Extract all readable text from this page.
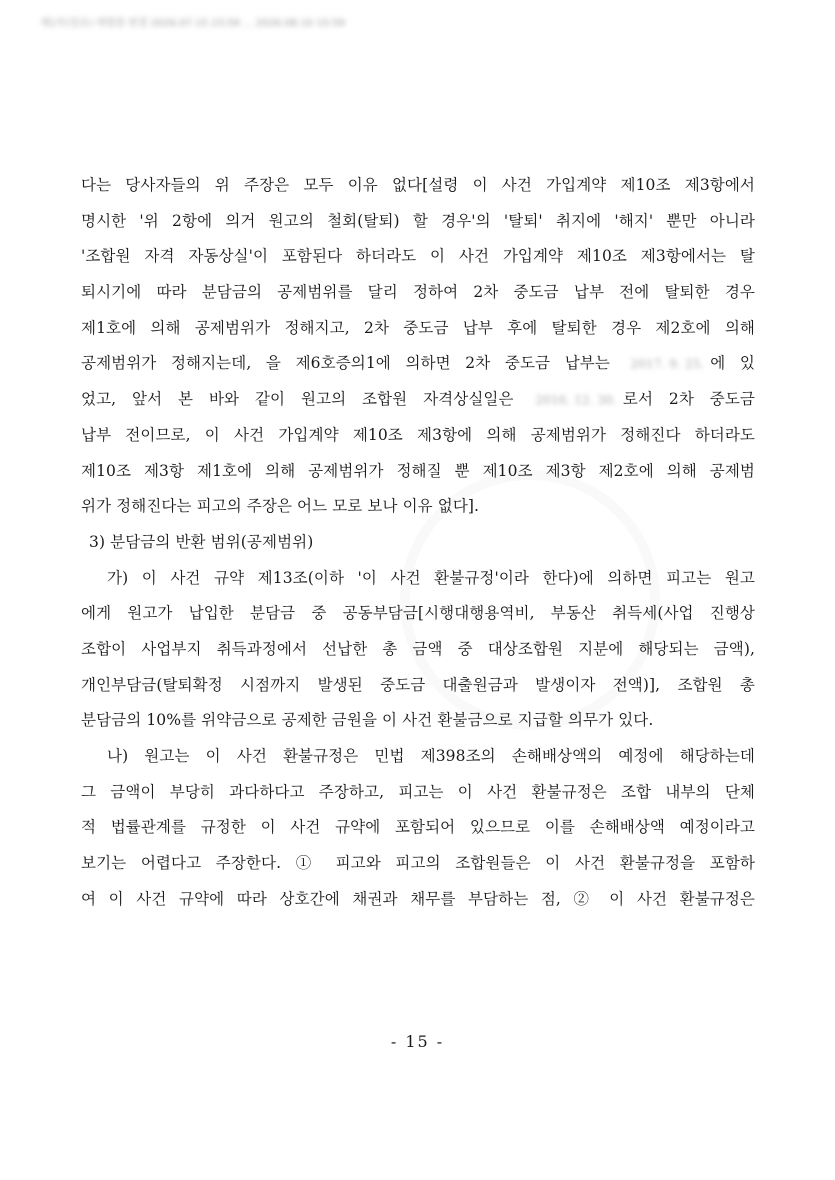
제1부(일요) 대법원 판결 2026.07.15 23:59 ... 2026.08.10 15:59
다는 당사자들의 위 주장은 모두 이유 없다[설령 이 사건 가입계약 제10조 제3항에서
명시한 '위 2항에 의거 원고의 철회(탈퇴) 할 경우'의 '탈퇴' 취지에 '해지' 뿐만 아니라
'조합원 자격 자동상실'이 포함된다 하더라도 이 사건 가입계약 제10조 제3항에서는 탈
퇴시기에 따라 분담금의 공제범위를 달리 정하여 2차 중도금 납부 전에 탈퇴한 경우
제1호에 의해 공제범위가 정해지고, 2차 중도금 납부 후에 탈퇴한 경우 제2호에 의해
공제범위가 정해지는데, 을 제6호증의1에 의하면 2차 중도금 납부는 2017. 9. 25. 에 있
었고, 앞서 본 바와 같이 원고의 조합원 자격상실일은 2016. 12. 30. 로서 2차 중도금
납부 전이므로, 이 사건 가입계약 제10조 제3항에 의해 공제범위가 정해진다 하더라도
제10조 제3항 제1호에 의해 공제범위가 정해질 뿐 제10조 제3항 제2호에 의해 공제범
위가 정해진다는 피고의 주장은 어느 모로 보나 이유 없다].
3) 분담금의 반환 범위(공제범위)
가) 이 사건 규약 제13조(이하 '이 사건 환불규정'이라 한다)에 의하면 피고는 원고
에게 원고가 납입한 분담금 중 공동부담금[시행대행용역비, 부동산 취득세(사업 진행상
조합이 사업부지 취득과정에서 선납한 총 금액 중 대상조합원 지분에 해당되는 금액),
개인부담금(탈퇴확정 시점까지 발생된 중도금 대출원금과 발생이자 전액)], 조합원 총
분담금의 10%를 위약금으로 공제한 금원을 이 사건 환불금으로 지급할 의무가 있다.
나) 원고는 이 사건 환불규정은 민법 제398조의 손해배상액의 예정에 해당하는데
그 금액이 부당히 과다하다고 주장하고, 피고는 이 사건 환불규정은 조합 내부의 단체
적 법률관계를 규정한 이 사건 규약에 포함되어 있으므로 이를 손해배상액 예정이라고
보기는 어렵다고 주장한다. ① 피고와 피고의 조합원들은 이 사건 환불규정을 포함하
여 이 사건 규약에 따라 상호간에 채권과 채무를 부담하는 점, ② 이 사건 환불규정은
- 15 -
